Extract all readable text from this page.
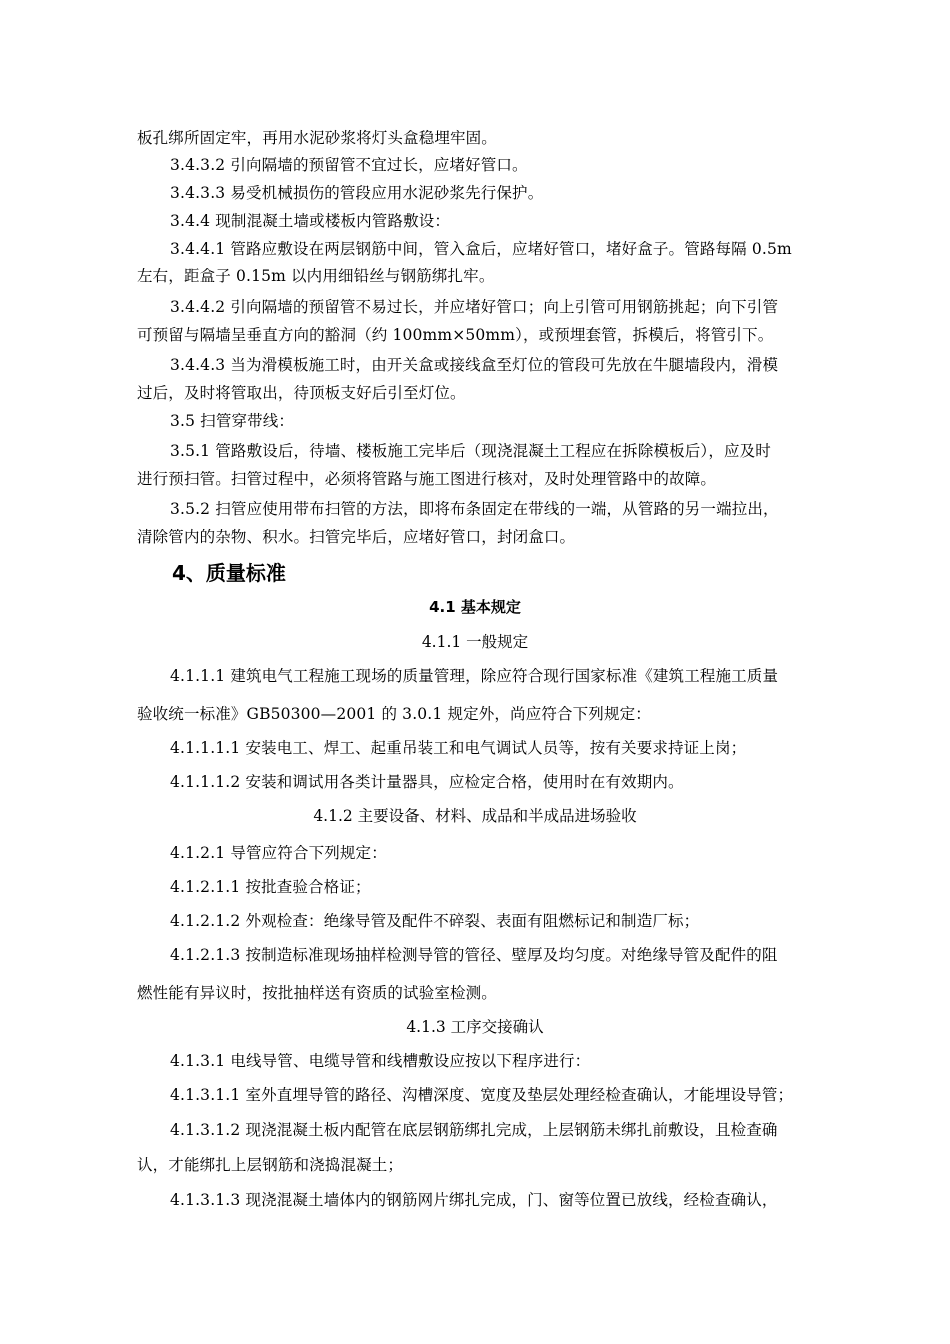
板孔绑所固定牢，再用水泥砂浆将灯头盒稳埋牢固。
3.4.3.2 引向隔墙的预留管不宜过长，应堵好管口。
3.4.3.3 易受机械损伤的管段应用水泥砂浆先行保护。
3.4.4 现制混凝土墙或楼板内管路敷设：
3.4.4.1 管路应敷设在两层钢筋中间，管入盒后，应堵好管口，堵好盒子。管路每隔 0.5m
左右，距盒子 0.15m 以内用细铅丝与钢筋绑扎牢。
3.4.4.2 引向隔墙的预留管不易过长，并应堵好管口；向上引管可用钢筋挑起；向下引管
可预留与隔墙呈垂直方向的豁洞（约 100mm×50mm），或预埋套管，拆模后，将管引下。
3.4.4.3 当为滑模板施工时，由开关盒或接线盒至灯位的管段可先放在牛腿墙段内，滑模
过后，及时将管取出，待顶板支好后引至灯位。
3.5 扫管穿带线：
3.5.1 管路敷设后，待墙、楼板施工完毕后（现浇混凝土工程应在拆除模板后），应及时
进行预扫管。扫管过程中，必须将管路与施工图进行核对，及时处理管路中的故障。
3.5.2 扫管应使用带布扫管的方法，即将布条固定在带线的一端，从管路的另一端拉出，
清除管内的杂物、积水。扫管完毕后，应堵好管口，封闭盒口。
4、质量标准
4.1 基本规定
4.1.1 一般规定
4.1.1.1 建筑电气工程施工现场的质量管理，除应符合现行国家标准《建筑工程施工质量
验收统一标准》GB50300—2001 的 3.0.1 规定外，尚应符合下列规定：
4.1.1.1.1 安装电工、焊工、起重吊装工和电气调试人员等，按有关要求持证上岗；
4.1.1.1.2 安装和调试用各类计量器具，应检定合格，使用时在有效期内。
4.1.2 主要设备、材料、成品和半成品进场验收
4.1.2.1 导管应符合下列规定：
4.1.2.1.1 按批查验合格证；
4.1.2.1.2 外观检查：绝缘导管及配件不碎裂、表面有阻燃标记和制造厂标；
4.1.2.1.3 按制造标准现场抽样检测导管的管径、壁厚及均匀度。对绝缘导管及配件的阻
燃性能有异议时，按批抽样送有资质的试验室检测。
4.1.3 工序交接确认
4.1.3.1 电线导管、电缆导管和线槽敷设应按以下程序进行：
4.1.3.1.1 室外直埋导管的路径、沟槽深度、宽度及垫层处理经检查确认，才能埋设导管；
4.1.3.1.2 现浇混凝土板内配管在底层钢筋绑扎完成，上层钢筋未绑扎前敷设，且检查确
认，才能绑扎上层钢筋和浇捣混凝土；
4.1.3.1.3 现浇混凝土墙体内的钢筋网片绑扎完成，门、窗等位置已放线，经检查确认，
